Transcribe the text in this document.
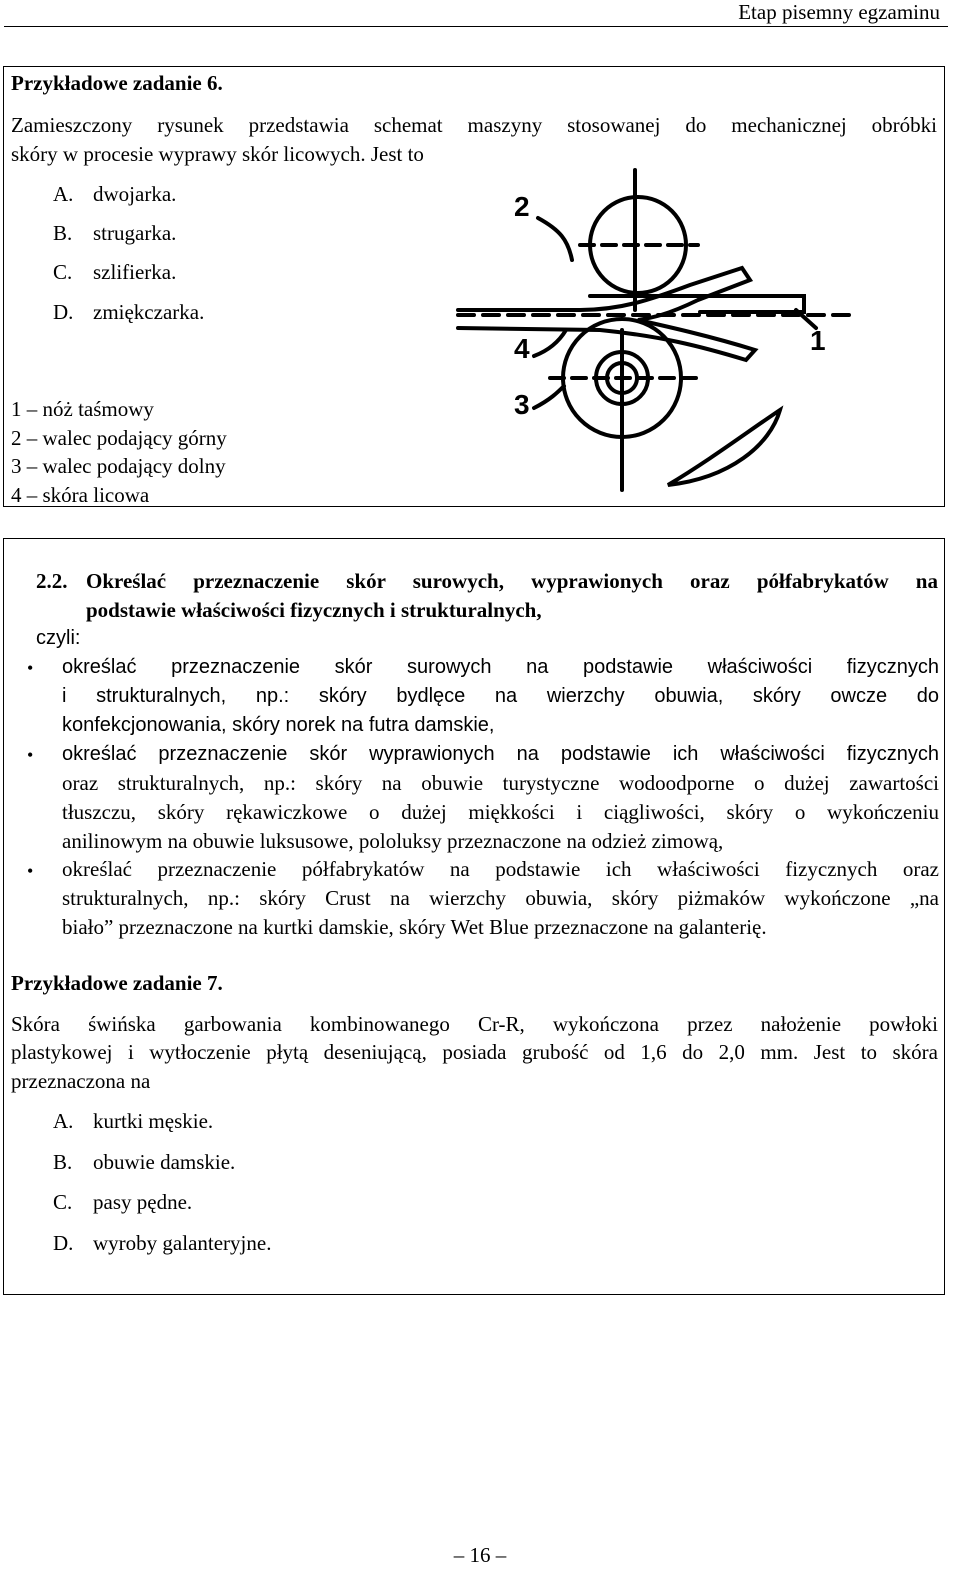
Etap pisemny egzaminu
Przykładowe zadanie 6.
Zamieszczony rysunek przedstawia schemat maszyny stosowanej do mechanicznej obróbki
skóry w procesie wyprawy skór licowych. Jest to
A. dwojarka.
B. strugarka.
C. szlifierka.
D. zmiękczarka.
1 – nóż taśmowy
2 – walec podający górny
3 – walec podający dolny
4 – skóra licowa
1
2
3
4
2.2. Określać przeznaczenie skór surowych, wyprawionych oraz półfabrykatów na
podstawie właściwości fizycznych i strukturalnych,
czyli:
• określać przeznaczenie skór surowych na podstawie właściwości fizycznych
i strukturalnych, np.: skóry bydlęce na wierzchy obuwia, skóry owcze do
konfekcjonowania, skóry norek na futra damskie,
• określać przeznaczenie skór wyprawionych na podstawie ich właściwości fizycznych
oraz strukturalnych, np.: skóry na obuwie turystyczne wodoodporne o dużej zawartości
tłuszczu, skóry rękawiczkowe o dużej miękkości i ciągliwości, skóry o wykończeniu
anilinowym na obuwie luksusowe, pololuksy przeznaczone na odzież zimową,
• określać przeznaczenie półfabrykatów na podstawie ich właściwości fizycznych oraz
strukturalnych, np.: skóry Crust na wierzchy obuwia, skóry piżmaków wykończone „na
biało” przeznaczone na kurtki damskie, skóry Wet Blue przeznaczone na galanterię.
Przykładowe zadanie 7.
Skóra świńska garbowania kombinowanego Cr-R, wykończona przez nałożenie powłoki
plastykowej i wytłoczenie płytą deseniującą, posiada grubość od 1,6 do 2,0 mm. Jest to skóra
przeznaczona na
A. kurtki męskie.
B. obuwie damskie.
C. pasy pędne.
D. wyroby galanteryjne.
– 16 –
